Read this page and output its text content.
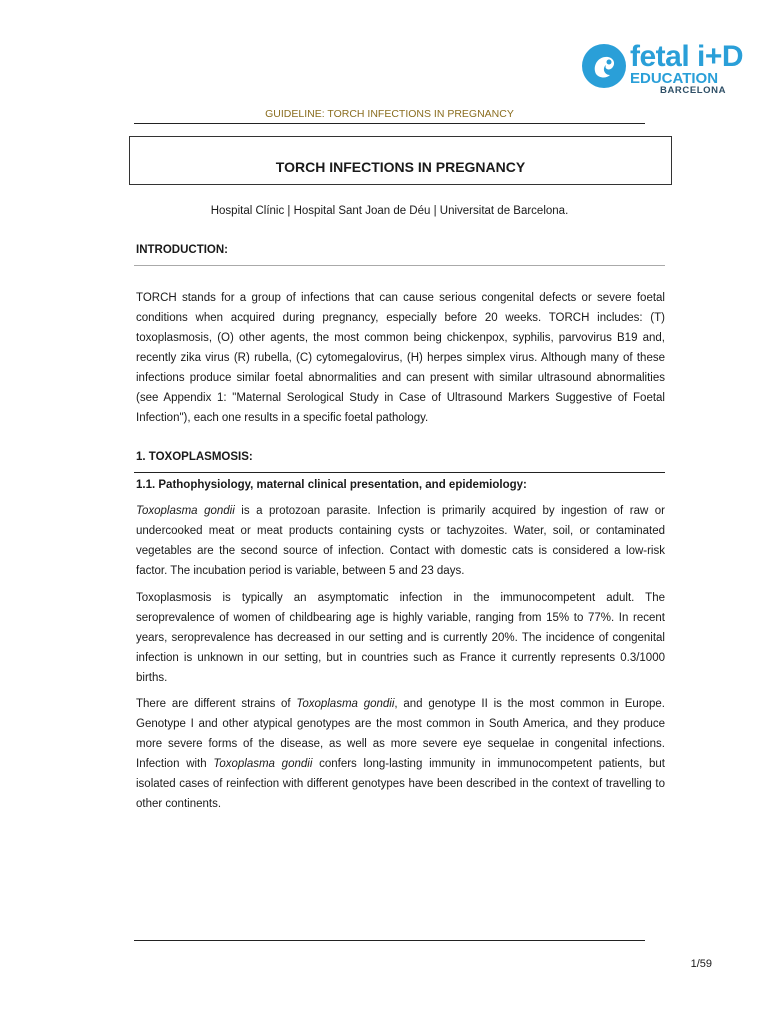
fetal i+D
EDUCATION
BARCELONA
GUIDELINE: TORCH INFECTIONS IN PREGNANCY
TORCH INFECTIONS IN PREGNANCY
Hospital Clínic | Hospital Sant Joan de Déu | Universitat de Barcelona.
INTRODUCTION:

TORCH stands for a group of infections that can cause serious congenital defects or severe foetal conditions when acquired during pregnancy, especially before 20 weeks. TORCH includes: (T) toxoplasmosis, (O) other agents, the most common being chickenpox, syphilis, parvovirus B19 and, recently zika virus (R) rubella, (C) cytomegalovirus, (H) herpes simplex virus. Although many of these infections produce similar foetal abnormalities and can present with similar ultrasound abnormalities (see Appendix 1: "Maternal Serological Study in Case of Ultrasound Markers Suggestive of Foetal Infection"), each one results in a specific foetal pathology.

1. TOXOPLASMOSIS:
1.1. Pathophysiology, maternal clinical presentation, and epidemiology:

Toxoplasma gondii is a protozoan parasite. Infection is primarily acquired by ingestion of raw or undercooked meat or meat products containing cysts or tachyzoites. Water, soil, or contaminated vegetables are the second source of infection. Contact with domestic cats is considered a low-risk factor. The incubation period is variable, between 5 and 23 days.

Toxoplasmosis is typically an asymptomatic infection in the immunocompetent adult. The seroprevalence of women of childbearing age is highly variable, ranging from 15% to 77%. In recent years, seroprevalence has decreased in our setting and is currently 20%. The incidence of congenital infection is unknown in our setting, but in countries such as France it currently represents 0.3/1000 births.

There are different strains of Toxoplasma gondii, and genotype II is the most common in Europe. Genotype I and other atypical genotypes are the most common in South America, and they produce more severe forms of the disease, as well as more severe eye sequelae in congenital infections. Infection with Toxoplasma gondii confers long-lasting immunity in immunocompetent patients, but isolated cases of reinfection with different genotypes have been described in the context of travelling to other continents.

1/59
